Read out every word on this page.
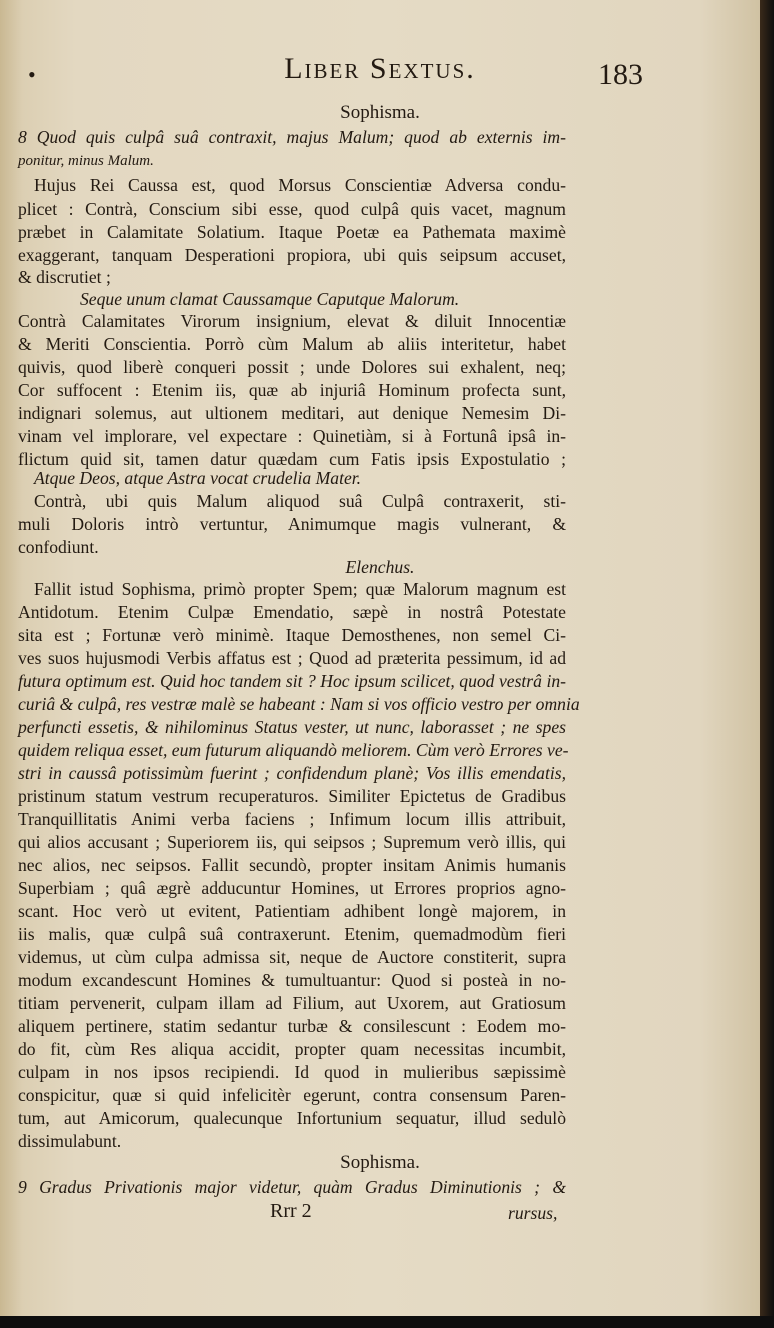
•	Liber Sextus.	183
Sophisma.
8 Quod quis culpâ suâ contraxit, majus Malum; quod ab externis im-
ponitur, minus Malum.
Hujus Rei Caussa est, quod Morsus Conscientiæ Adversa condu-
plicet : Contrà, Conscium sibi esse, quod culpâ quis vacet, magnum
præbet in Calamitate Solatium. Itaque Poetæ ea Pathemata maximè
exaggerant, tanquam Desperationi propiora, ubi quis seipsum accuset,
& discrutiet ;
Seque unum clamat Caussamque Caputque Malorum.
Contrà Calamitates Virorum insignium, elevat & diluit Innocentiæ
& Meriti Conscientia. Porrò cùm Malum ab aliis interitetur, habet
quivis, quod liberè conqueri possit ; unde Dolores sui exhalent, neq;
Cor suffocent : Etenim iis, quæ ab injuriâ Hominum profecta sunt,
indignari solemus, aut ultionem meditari, aut denique Nemesim Di-
vinam vel implorare, vel expectare : Quinetiàm, si à Fortunâ ipsâ in-
flictum quid sit, tamen datur quædam cum Fatis ipsis Expostulatio ;
Atque Deos, atque Astra vocat crudelia Mater.
Contrà, ubi quis Malum aliquod suâ Culpâ contraxerit, sti-
muli Doloris intrò vertuntur, Animumque magis vulnerant, &
confodiunt.
Elenchus.
Fallit istud Sophisma, primò propter Spem; quæ Malorum magnum est
Antidotum. Etenim Culpæ Emendatio, sæpè in nostrâ Potestate
sita est ; Fortunæ verò minimè. Itaque Demosthenes, non semel Ci-
ves suos hujusmodi Verbis affatus est ; Quod ad præterita pessimum, id ad
futura optimum est. Quid hoc tandem sit ? Hoc ipsum scilicet, quod vestrâ in-
curiâ & culpâ, res vestræ malè se habeant : Nam si vos officio vestro per omnia
perfuncti essetis, & nihilominus Status vester, ut nunc, laborasset ; ne spes
quidem reliqua esset, eum futurum aliquandò meliorem. Cùm verò Errores ve-
stri in caussâ potissimùm fuerint ; confidendum planè; Vos illis emendatis,
pristinum statum vestrum recuperaturos. Similiter Epictetus de Gradibus
Tranquillitatis Animi verba faciens ; Infimum locum illis attribuit,
qui alios accusant ; Superiorem iis, qui seipsos ; Supremum verò illis, qui
nec alios, nec seipsos. Fallit secundò, propter insitam Animis humanis
Superbiam ; quâ ægrè adducuntur Homines, ut Errores proprios agno-
scant. Hoc verò ut evitent, Patientiam adhibent longè majorem, in
iis malis, quæ culpâ suâ contraxerunt. Etenim, quemadmodùm fieri
videmus, ut cùm culpa admissa sit, neque de Auctore constiterit, supra
modum excandescunt Homines & tumultuantur: Quod si posteà in no-
titiam pervenerit, culpam illam ad Filium, aut Uxorem, aut Gratiosum
aliquem pertinere, statim sedantur turbæ & consilescunt : Eodem mo-
do fit, cùm Res aliqua accidit, propter quam necessitas incumbit,
culpam in nos ipsos recipiendi. Id quod in mulieribus sæpissimè
conspicitur, quæ si quid infelicitèr egerunt, contra consensum Paren-
tum, aut Amicorum, qualecunque Infortunium sequatur, illud sedulò
dissimulabunt.
Sophisma.
9 Gradus Privationis major videtur, quàm Gradus Diminutionis ; &
Rrr 2	rursus,
